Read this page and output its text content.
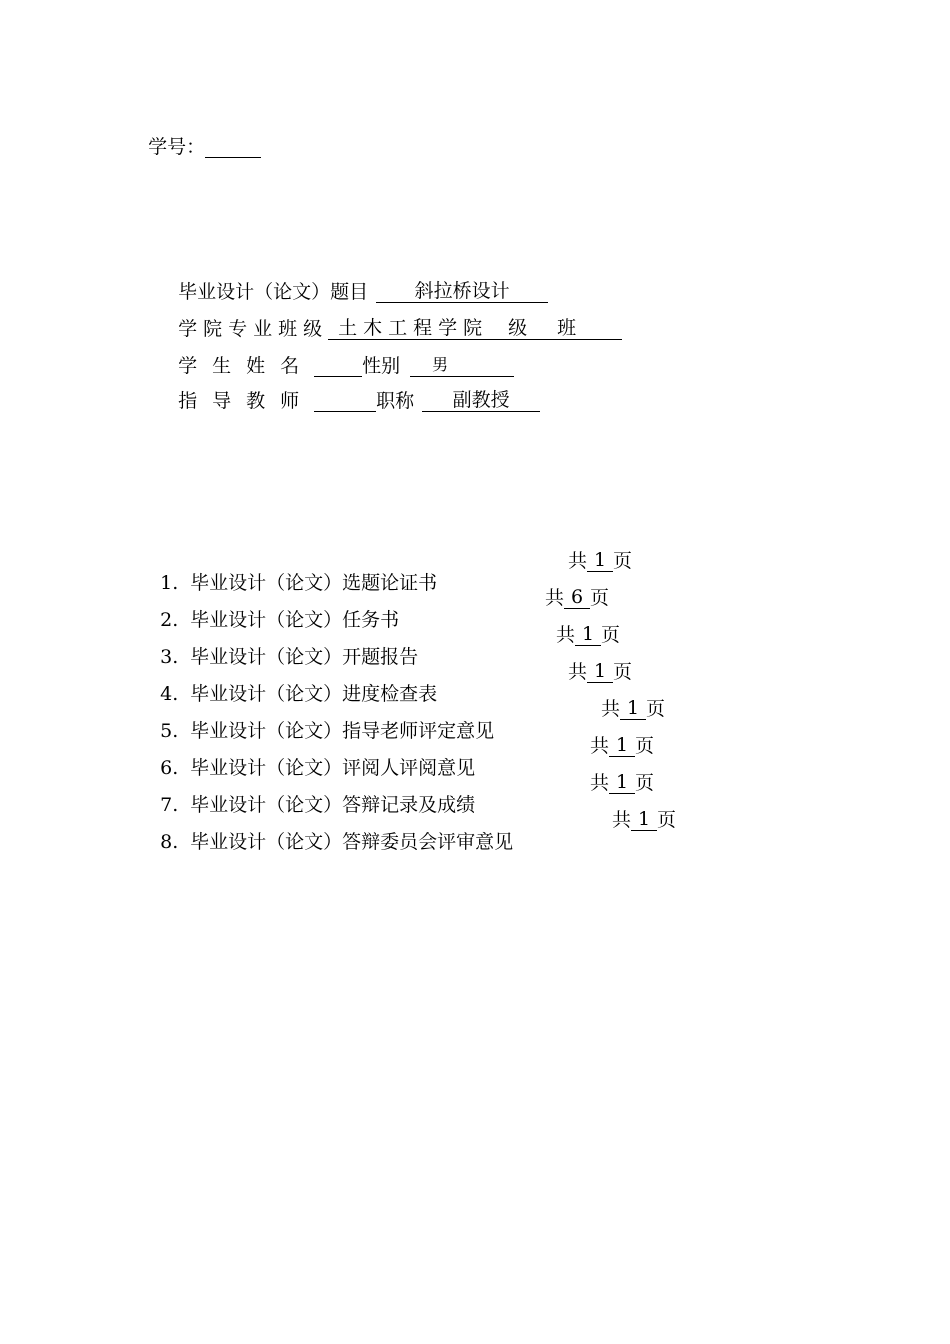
学号：

毕业设计（论文）题目 斜拉桥设计

学院专业班级 土木工程学院 级 班

学生姓名	性别 男

指导教师	职称 副教授

1. 毕业设计（论文）选题论证书

共 1 页

2. 毕业设计（论文）任务书

共 6 页

3. 毕业设计（论文）开题报告

共 1 页

4. 毕业设计（论文）进度检查表

共 1 页

5. 毕业设计（论文）指导老师评定意见

共 1 页

6. 毕业设计（论文）评阅人评阅意见

共 1 页

7. 毕业设计（论文）答辩记录及成绩

共 1 页

8. 毕业设计（论文）答辩委员会评审意见

共 1 页
